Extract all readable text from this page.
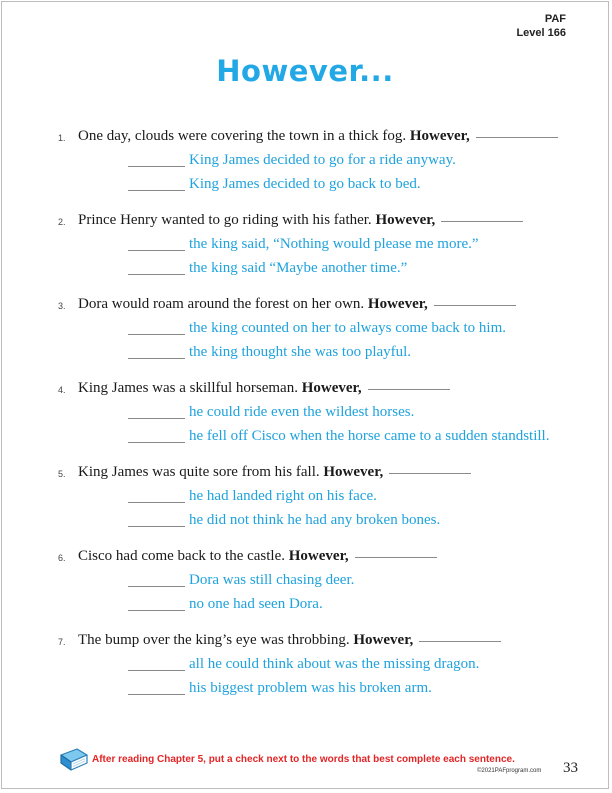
PAF
Level 166
However...
1. One day, clouds were covering the town in a thick fog. However,
King James decided to go for a ride anyway.
King James decided to go back to bed.
2. Prince Henry wanted to go riding with his father. However,
the king said, “Nothing would please me more.”
the king said “Maybe another time.”
3. Dora would roam around the forest on her own. However,
the king counted on her to always come back to him.
the king thought she was too playful.
4. King James was a skillful horseman. However,
he could ride even the wildest horses.
he fell off Cisco when the horse came to a sudden standstill.
5. King James was quite sore from his fall. However,
he had landed right on his face.
he did not think he had any broken bones.
6. Cisco had come back to the castle. However,
Dora was still chasing deer.
no one had seen Dora.
7. The bump over the king’s eye was throbbing. However,
all he could think about was the missing dragon.
his biggest problem was his broken arm.
After reading Chapter 5, put a check next to the words that best complete each sentence.
©2021PAFprogram.com 33
